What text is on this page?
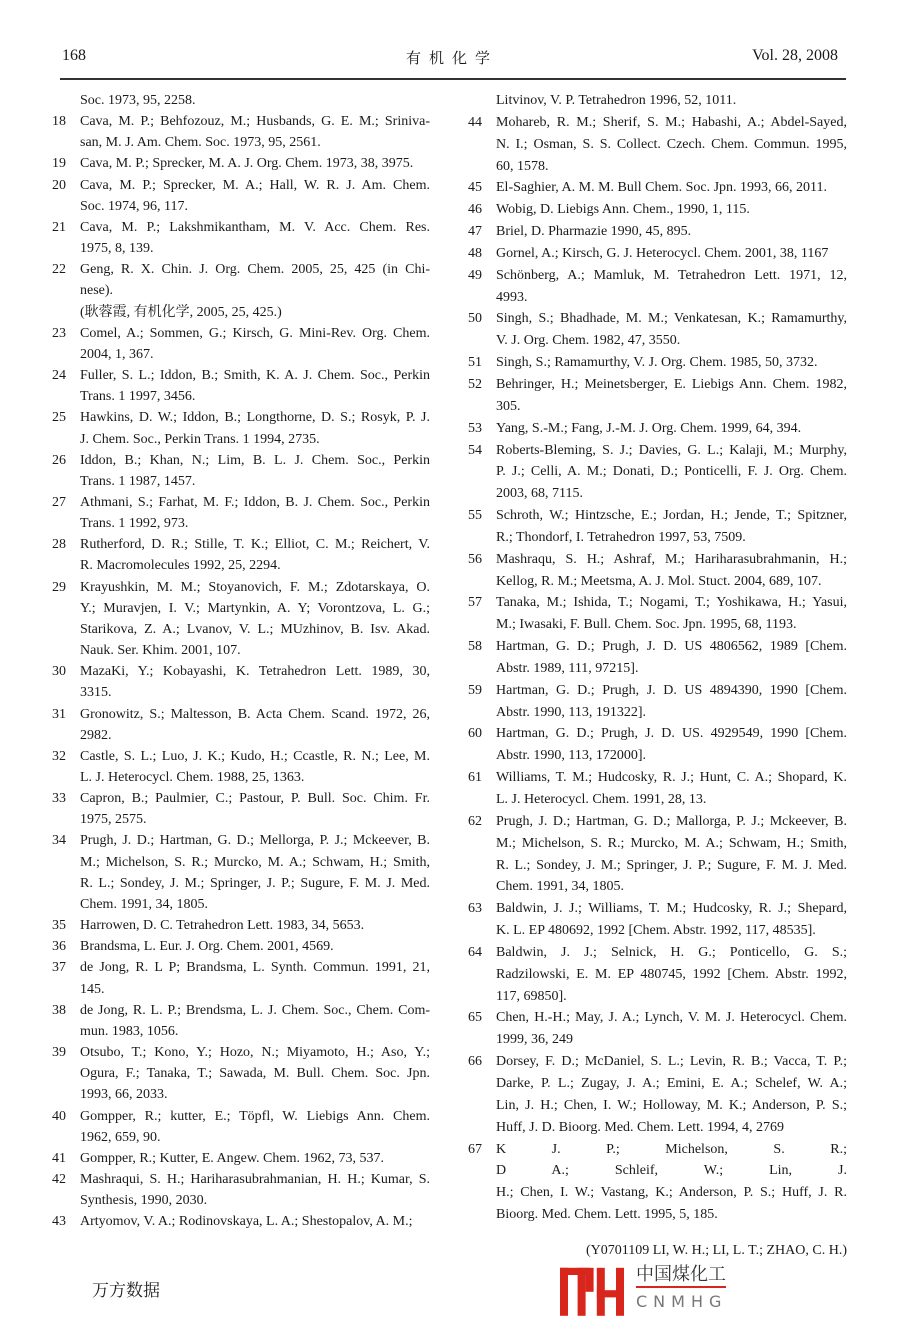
168	有机化学	Vol. 28, 2008
Soc. 1973, 95, 2258.
18 Cava, M. P.; Behfozouz, M.; Husbands, G. E. M.; Sriniva-
san, M. J. Am. Chem. Soc. 1973, 95, 2561.
19 Cava, M. P.; Sprecker, M. A. J. Org. Chem. 1973, 38, 3975.
20 Cava, M. P.; Sprecker, M. A.; Hall, W. R. J. Am. Chem.
Soc. 1974, 96, 117.
21 Cava, M. P.; Lakshmikantham, M. V. Acc. Chem. Res.
1975, 8, 139.
22 Geng, R. X. Chin. J. Org. Chem. 2005, 25, 425 (in Chi-
nese).
(耿蓉霞, 有机化学, 2005, 25, 425.)
23 Comel, A.; Sommen, G.; Kirsch, G. Mini-Rev. Org. Chem.
2004, 1, 367.
24 Fuller, S. L.; Iddon, B.; Smith, K. A. J. Chem. Soc., Perkin
Trans. 1 1997, 3456.
25 Hawkins, D. W.; Iddon, B.; Longthorne, D. S.; Rosyk, P. J.
J. Chem. Soc., Perkin Trans. 1 1994, 2735.
26 Iddon, B.; Khan, N.; Lim, B. L. J. Chem. Soc., Perkin
Trans. 1 1987, 1457.
27 Athmani, S.; Farhat, M. F.; Iddon, B. J. Chem. Soc., Perkin
Trans. 1 1992, 973.
28 Rutherford, D. R.; Stille, T. K.; Elliot, C. M.; Reichert, V.
R. Macromolecules 1992, 25, 2294.
29 Krayushkin, M. M.; Stoyanovich, F. M.; Zdotarskaya, O.
Y.; Muravjen, I. V.; Martynkin, A. Y; Vorontzova, L. G.;
Starikova, Z. A.; Lvanov, V. L.; MUzhinov, B. Isv. Akad.
Nauk. Ser. Khim. 2001, 107.
30 MazaKi, Y.; Kobayashi, K. Tetrahedron Lett. 1989, 30,
3315.
31 Gronowitz, S.; Maltesson, B. Acta Chem. Scand. 1972, 26,
2982.
32 Castle, S. L.; Luo, J. K.; Kudo, H.; Ccastle, R. N.; Lee, M.
L. J. Heterocycl. Chem. 1988, 25, 1363.
33 Capron, B.; Paulmier, C.; Pastour, P. Bull. Soc. Chim. Fr.
1975, 2575.
34 Prugh, J. D.; Hartman, G. D.; Mellorga, P. J.; Mckeever, B.
M.; Michelson, S. R.; Murcko, M. A.; Schwam, H.; Smith,
R. L.; Sondey, J. M.; Springer, J. P.; Sugure, F. M. J. Med.
Chem. 1991, 34, 1805.
35 Harrowen, D. C. Tetrahedron Lett. 1983, 34, 5653.
36 Brandsma, L. Eur. J. Org. Chem. 2001, 4569.
37 de Jong, R. L P; Brandsma, L. Synth. Commun. 1991, 21,
145.
38 de Jong, R. L. P.; Brendsma, L. J. Chem. Soc., Chem. Com-
mun. 1983, 1056.
39 Otsubo, T.; Kono, Y.; Hozo, N.; Miyamoto, H.; Aso, Y.;
Ogura, F.; Tanaka, T.; Sawada, M. Bull. Chem. Soc. Jpn.
1993, 66, 2033.
40 Gompper, R.; kutter, E.; Töpfl, W. Liebigs Ann. Chem.
1962, 659, 90.
41 Gompper, R.; Kutter, E. Angew. Chem. 1962, 73, 537.
42 Mashraqui, S. H.; Hariharasubrahmanian, H. H.; Kumar, S.
Synthesis, 1990, 2030.
43 Artyomov, V. A.; Rodinovskaya, L. A.; Shestopalov, A. M.;
Litvinov, V. P. Tetrahedron 1996, 52, 1011.
44 Mohareb, R. M.; Sherif, S. M.; Habashi, A.; Abdel-Sayed,
N. I.; Osman, S. S. Collect. Czech. Chem. Commun. 1995,
60, 1578.
45 El-Saghier, A. M. M. Bull Chem. Soc. Jpn. 1993, 66, 2011.
46 Wobig, D. Liebigs Ann. Chem., 1990, 1, 115.
47 Briel, D. Pharmazie 1990, 45, 895.
48 Gornel, A.; Kirsch, G. J. Heterocycl. Chem. 2001, 38, 1167
49 Schönberg, A.; Mamluk, M. Tetrahedron Lett. 1971, 12,
4993.
50 Singh, S.; Bhadhade, M. M.; Venkatesan, K.; Ramamurthy,
V. J. Org. Chem. 1982, 47, 3550.
51 Singh, S.; Ramamurthy, V. J. Org. Chem. 1985, 50, 3732.
52 Behringer, H.; Meinetsberger, E. Liebigs Ann. Chem. 1982,
305.
53 Yang, S.-M.; Fang, J.-M. J. Org. Chem. 1999, 64, 394.
54 Roberts-Bleming, S. J.; Davies, G. L.; Kalaji, M.; Murphy,
P. J.; Celli, A. M.; Donati, D.; Ponticelli, F. J. Org. Chem.
2003, 68, 7115.
55 Schroth, W.; Hintzsche, E.; Jordan, H.; Jende, T.; Spitzner,
R.; Thondorf, I. Tetrahedron 1997, 53, 7509.
56 Mashraqu, S. H.; Ashraf, M.; Hariharasubrahmanin, H.;
Kellog, R. M.; Meetsma, A. J. Mol. Stuct. 2004, 689, 107.
57 Tanaka, M.; Ishida, T.; Nogami, T.; Yoshikawa, H.; Yasui,
M.; Iwasaki, F. Bull. Chem. Soc. Jpn. 1995, 68, 1193.
58 Hartman, G. D.; Prugh, J. D. US 4806562, 1989 [Chem.
Abstr. 1989, 111, 97215].
59 Hartman, G. D.; Prugh, J. D. US 4894390, 1990 [Chem.
Abstr. 1990, 113, 191322].
60 Hartman, G. D.; Prugh, J. D. US. 4929549, 1990 [Chem.
Abstr. 1990, 113, 172000].
61 Williams, T. M.; Hudcosky, R. J.; Hunt, C. A.; Shopard, K.
L. J. Heterocycl. Chem. 1991, 28, 13.
62 Prugh, J. D.; Hartman, G. D.; Mallorga, P. J.; Mckeever, B.
M.; Michelson, S. R.; Murcko, M. A.; Schwam, H.; Smith,
R. L.; Sondey, J. M.; Springer, J. P.; Sugure, F. M. J. Med.
Chem. 1991, 34, 1805.
63 Baldwin, J. J.; Williams, T. M.; Hudcosky, R. J.; Shepard,
K. L. EP 480692, 1992 [Chem. Abstr. 1992, 117, 48535].
64 Baldwin, J. J.; Selnick, H. G.; Ponticello, G. S.;
Radzilowski, E. M. EP 480745, 1992 [Chem. Abstr. 1992,
117, 69850].
65 Chen, H.-H.; May, J. A.; Lynch, V. M. J. Heterocycl. Chem.
1999, 36, 249
66 Dorsey, F. D.; McDaniel, S. L.; Levin, R. B.; Vacca, T. P.;
Darke, P. L.; Zugay, J. A.; Emini, E. A.; Schelef, W. A.;
Lin, J. H.; Chen, I. W.; Holloway, M. K.; Anderson, P. S.;
Huff, J. D. Bioorg. Med. Chem. Lett. 1994, 4, 2769
67 K J. P.; Michelson, S. R.;
D A.; Schleif, W.; Lin, J.
H.; Chen, I. W.; Vastang, K.; Anderson, P. S.; Huff, J. R.
Bioorg. Med. Chem. Lett. 1995, 5, 185.
(Y0701109 LI, W. H.; LI, L. T.; ZHAO, C. H.)
中国煤化工
CNMHG
万方数据
